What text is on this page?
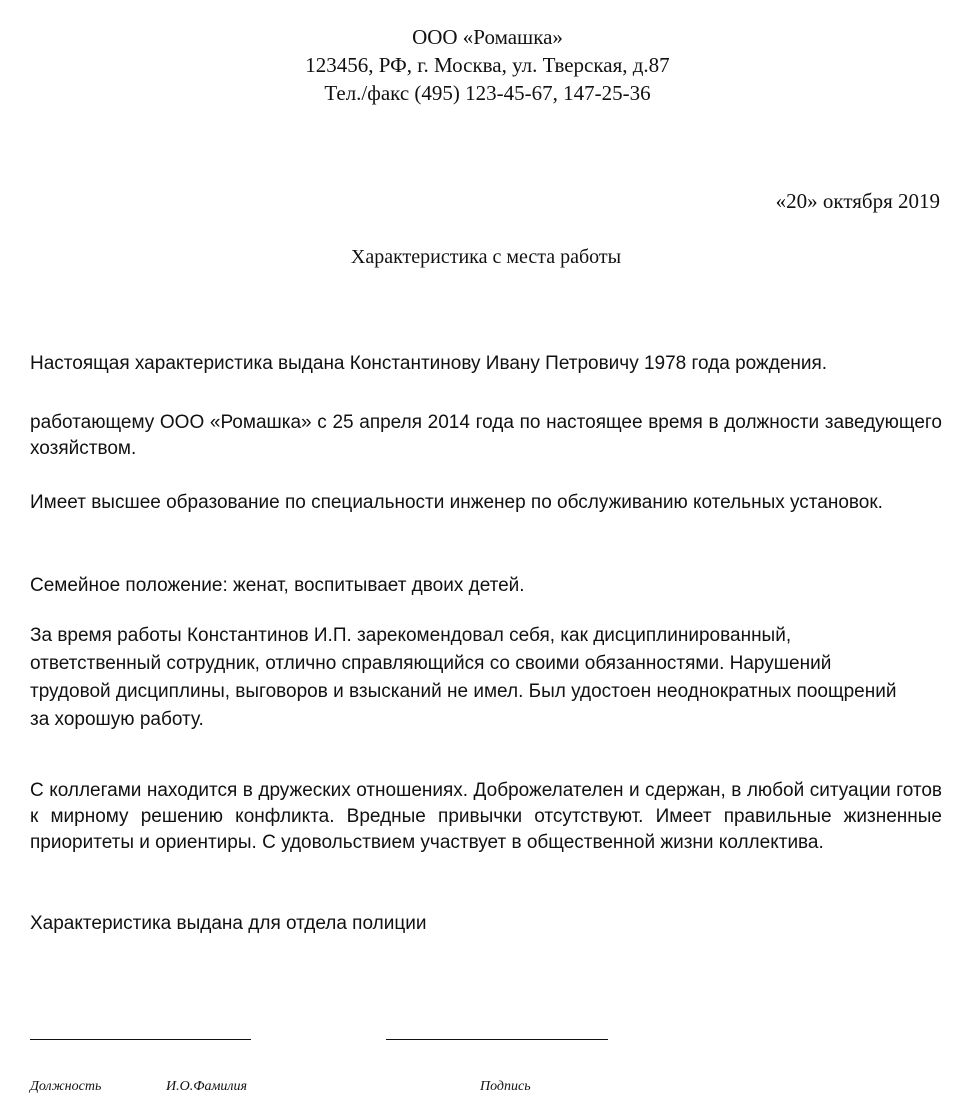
ООО «Ромашка»

123456, РФ, г. Москва, ул. Тверская, д.87

Тел./факс (495) 123-45-67, 147-25-36

«20» октября 2019

Характеристика с места работы

Настоящая характеристика выдана Константинову Ивану Петровичу 1978 года рождения.

работающему ООО «Ромашка» с 25 апреля 2014 года по настоящее время в должности заведующего хозяйством.

Имеет высшее образование по специальности инженер по обслуживанию котельных установок.

Семейное положение: женат, воспитывает двоих детей.

За время работы Константинов И.П. зарекомендовал себя, как дисциплинированный, ответственный сотрудник, отлично справляющийся со своими обязанностями. Нарушений трудовой дисциплины, выговоров и взысканий не имел. Был удостоен неоднократных поощрений за хорошую работу.

С коллегами находится в дружеских отношениях. Доброжелателен и сдержан, в любой ситуации готов к мирному решению конфликта. Вредные привычки отсутствуют. Имеет правильные жизненные приоритеты и ориентиры. С удовольствием участвует в общественной жизни коллектива.

Характеристика выдана для отдела полиции

Должность	И.О.Фамилия	Подпись
